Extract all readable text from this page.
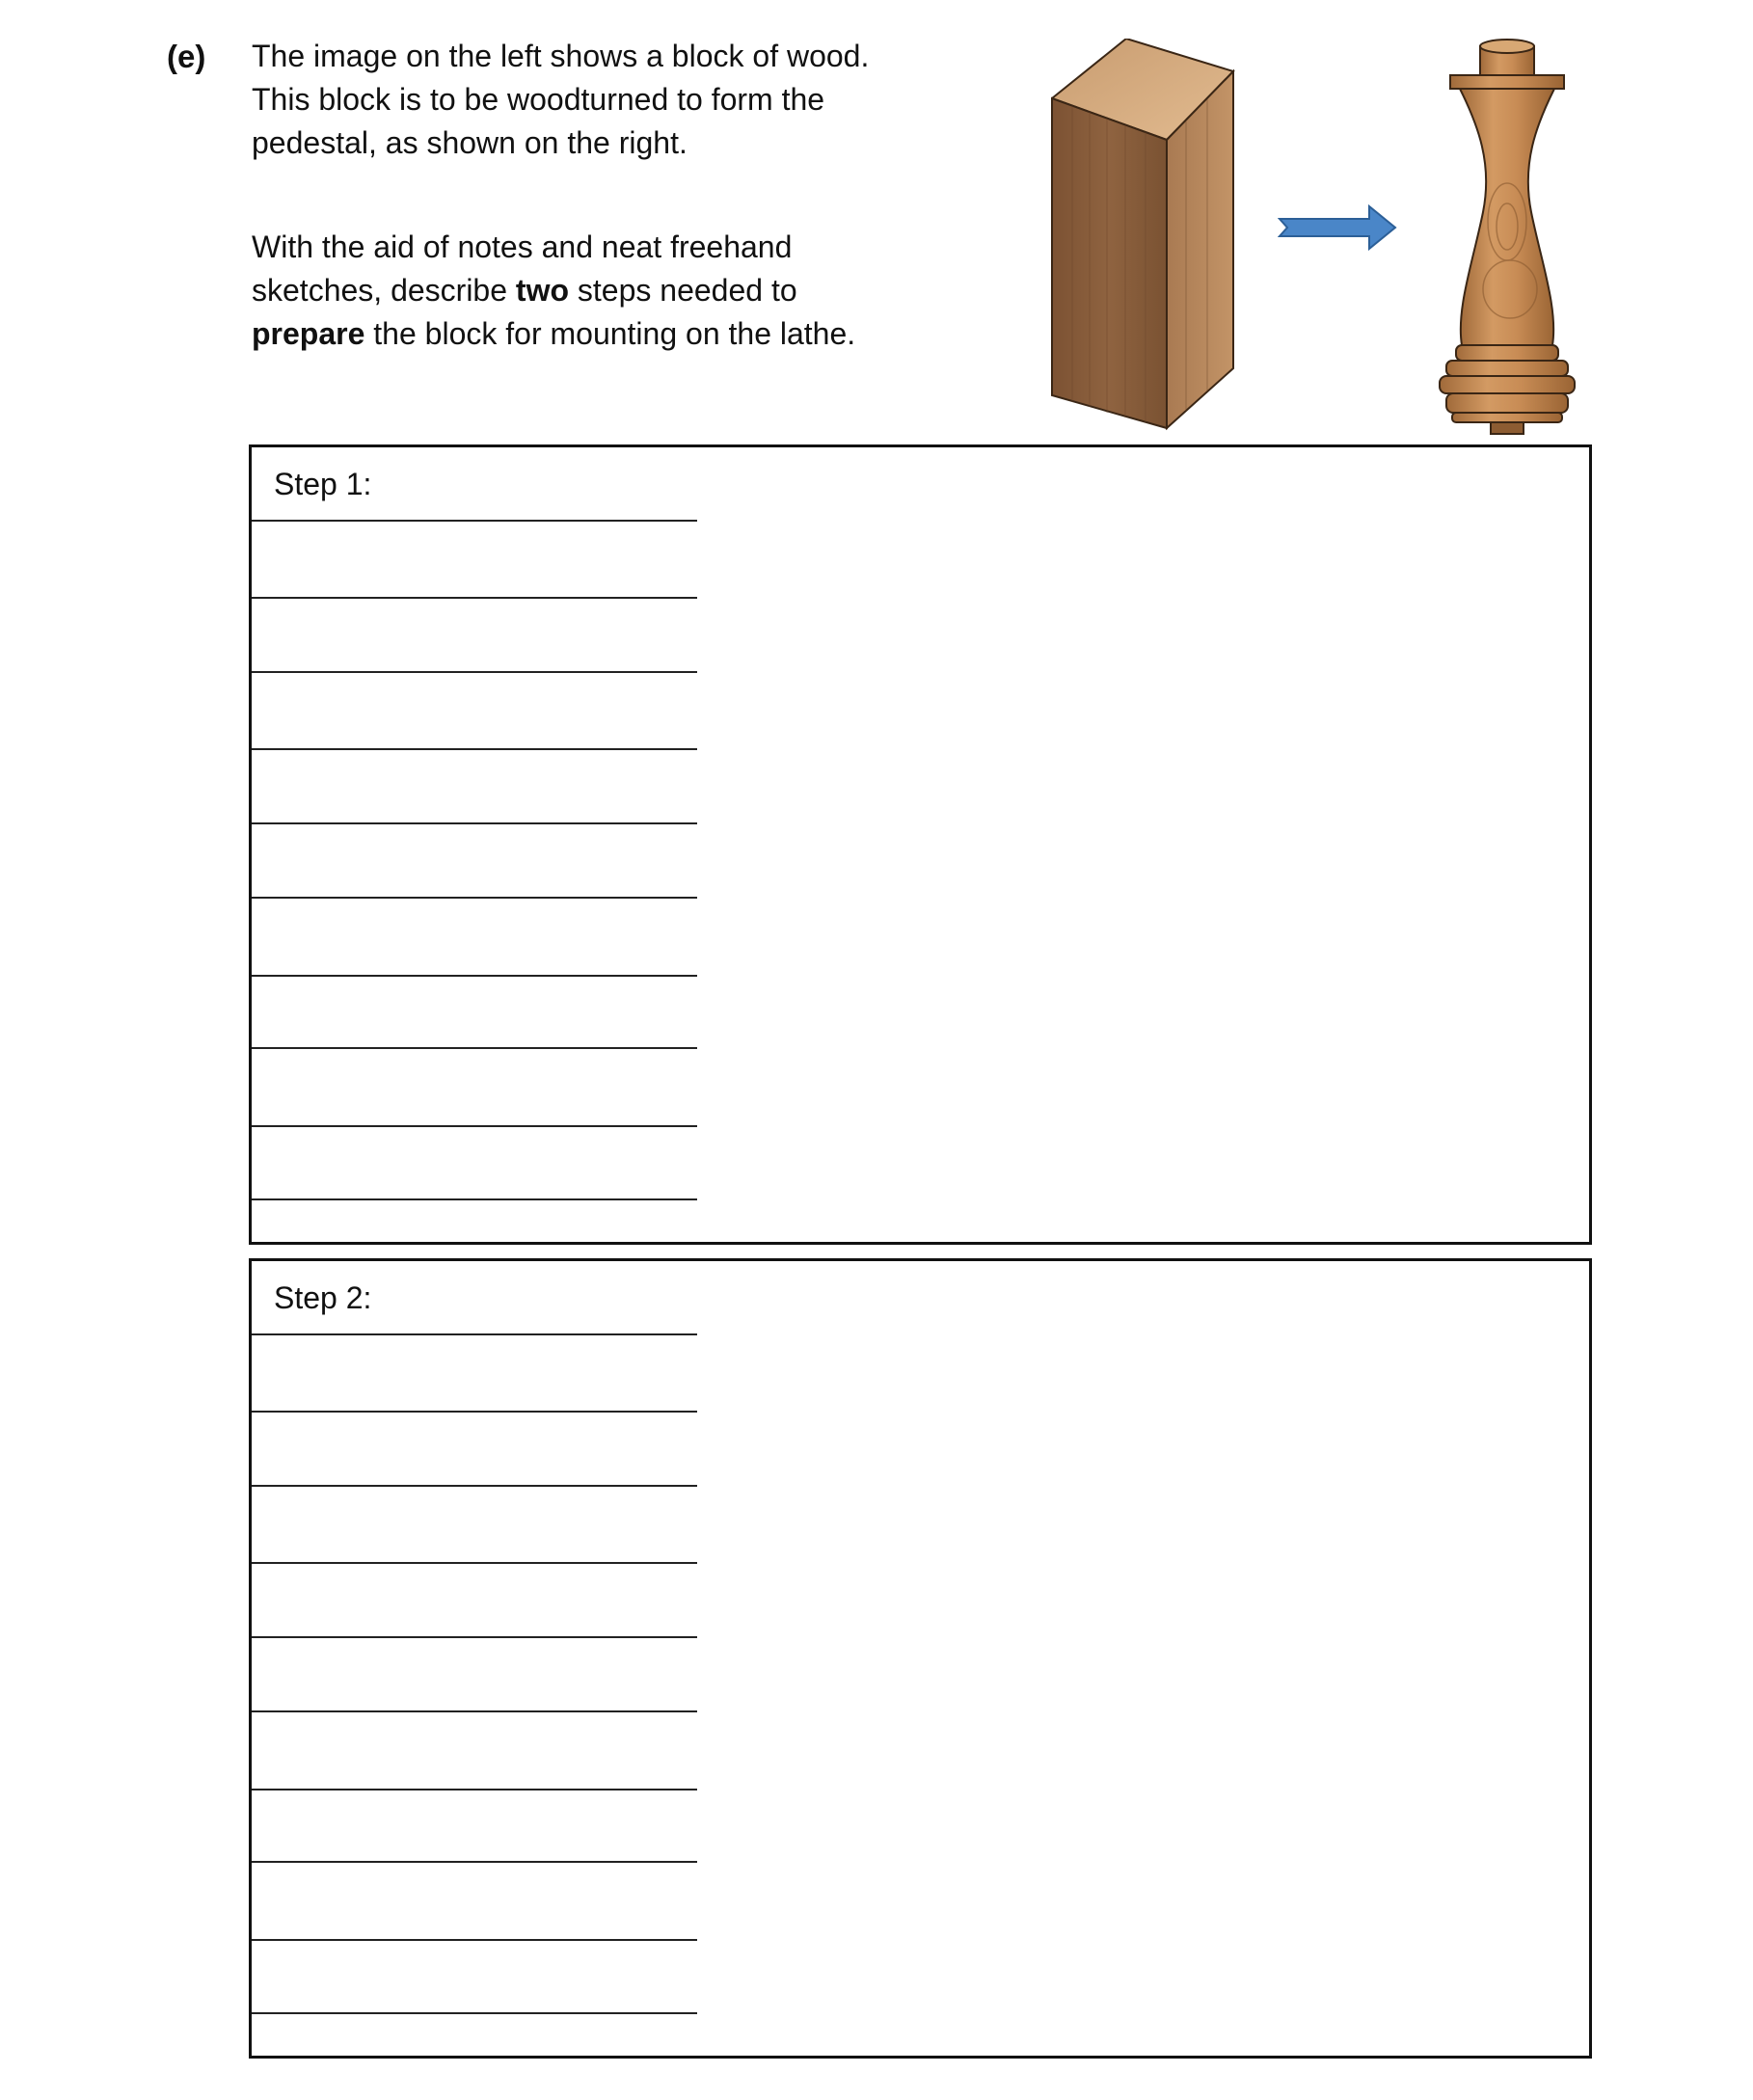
(e) The image on the left shows a block of wood.

This block is to be woodturned to form the

pedestal, as shown on the right.

With the aid of notes and neat freehand

sketches, describe two steps needed to

prepare the block for mounting on the lathe.

Step 1:
Step 2:
